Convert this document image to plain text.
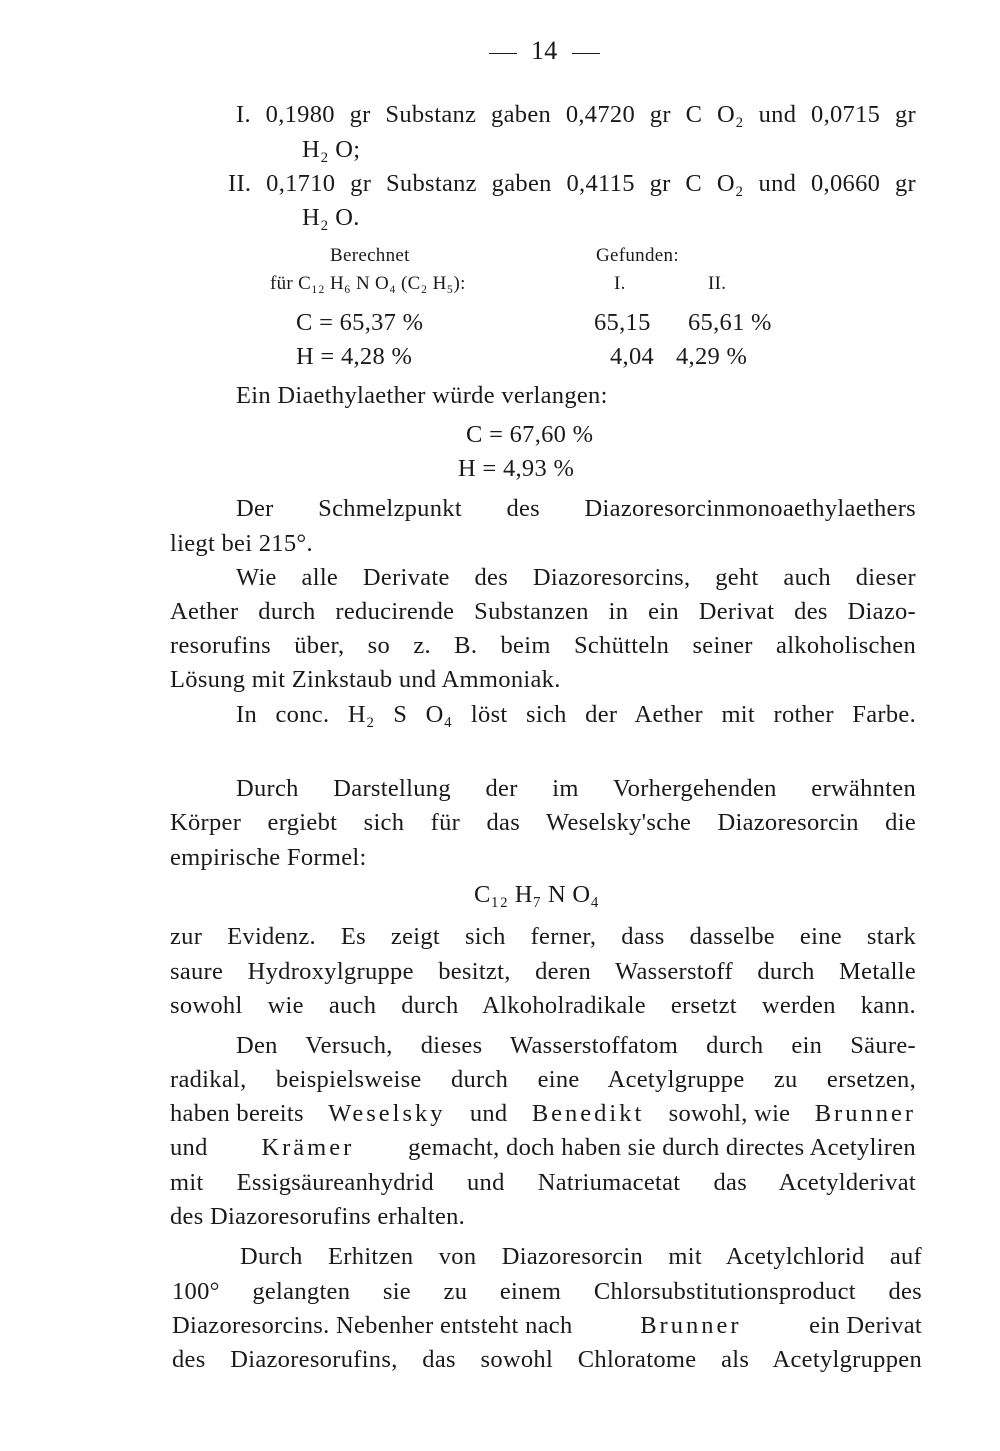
14
I. 0,1980 gr Substanz gaben 0,4720 gr C O₂ und 0,0715 gr
H₂ O;
II. 0,1710 gr Substanz gaben 0,4115 gr C O₂ und 0,0660 gr
H₂ O.
Berechnet	Gefunden:
für C₁₂ H₆ N O₄ (C₂ H₅):	I.	II.
C = 65,37 %	65,15 65,61 %
H = 4,28 %	4,04 4,29 %
Ein Diaethylaether würde verlangen:
C = 67,60 %
H = 4,93 %
Der Schmelzpunkt des Diazoresorcinmonoaethylaethers
liegt bei 215°.
Wie alle Derivate des Diazoresorcins, geht auch dieser
Aether durch reducirende Substanzen in ein Derivat des Diazo-
resorufins über, so z. B. beim Schütteln seiner alkoholischen
Lösung mit Zinkstaub und Ammoniak.
In conc. H₂ S O₄ löst sich der Aether mit rother Farbe.
Durch Darstellung der im Vorhergehenden erwähnten
Körper ergiebt sich für das Weselsky'sche Diazoresorcin die
empirische Formel:
C₁₂ H₇ N O₄
zur Evidenz. Es zeigt sich ferner, dass dasselbe eine stark
saure Hydroxylgruppe besitzt, deren Wasserstoff durch Metalle
sowohl wie auch durch Alkoholradikale ersetzt werden kann.
Den Versuch, dieses Wasserstoffatom durch ein Säure-
radikal, beispielsweise durch eine Acetylgruppe zu ersetzen,
haben bereits Weselsky und Benedikt sowohl, wie Brunner
und Krämer gemacht, doch haben sie durch directes Acetyliren
mit Essigsäureanhydrid und Natriumacetat das Acetylderivat
des Diazoresorufins erhalten.
Durch Erhitzen von Diazoresorcin mit Acetylchlorid auf
100° gelangten sie zu einem Chlorsubstitutionsproduct des
Diazoresorcins. Nebenher entsteht nach	Brunner	ein Derivat
des Diazoresorufins, das sowohl Chloratome als Acetylgruppen
